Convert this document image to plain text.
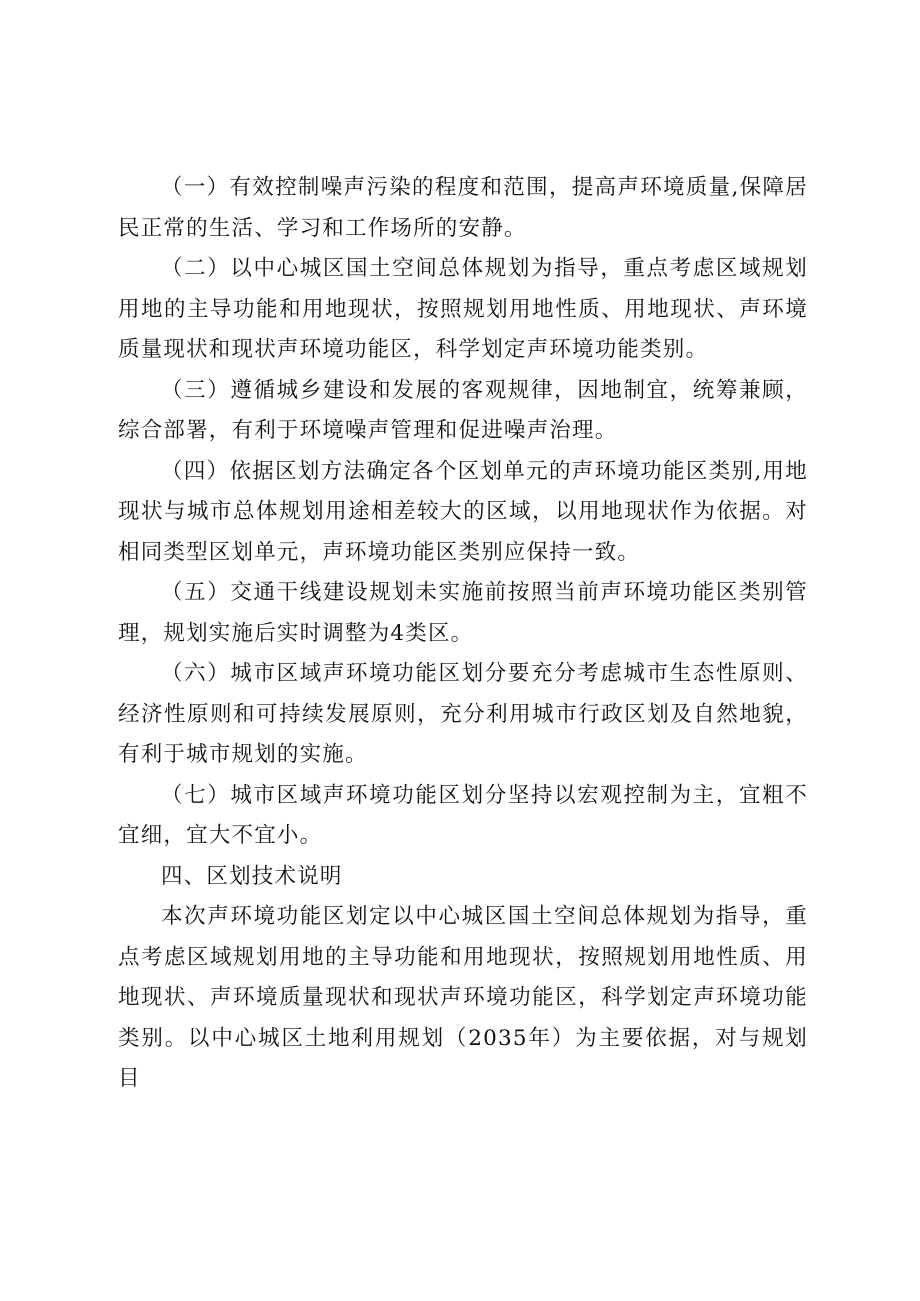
（一）有效控制噪声污染的程度和范围，提高声环境质量,保障居民正常的生活、学习和工作场所的安静。

（二）以中心城区国土空间总体规划为指导，重点考虑区域规划用地的主导功能和用地现状，按照规划用地性质、用地现状、声环境质量现状和现状声环境功能区，科学划定声环境功能类别。

（三）遵循城乡建设和发展的客观规律，因地制宜，统筹兼顾，综合部署，有利于环境噪声管理和促进噪声治理。

（四）依据区划方法确定各个区划单元的声环境功能区类别,用地现状与城市总体规划用途相差较大的区域，以用地现状作为依据。对相同类型区划单元，声环境功能区类别应保持一致。

（五）交通干线建设规划未实施前按照当前声环境功能区类别管理，规划实施后实时调整为4类区。

（六）城市区域声环境功能区划分要充分考虑城市生态性原则、经济性原则和可持续发展原则，充分利用城市行政区划及自然地貌，有利于城市规划的实施。

（七）城市区域声环境功能区划分坚持以宏观控制为主，宜粗不宜细，宜大不宜小。

四、区划技术说明

本次声环境功能区划定以中心城区国土空间总体规划为指导，重点考虑区域规划用地的主导功能和用地现状，按照规划用地性质、用地现状、声环境质量现状和现状声环境功能区，科学划定声环境功能类别。以中心城区土地利用规划（2035年）为主要依据，对与规划目
